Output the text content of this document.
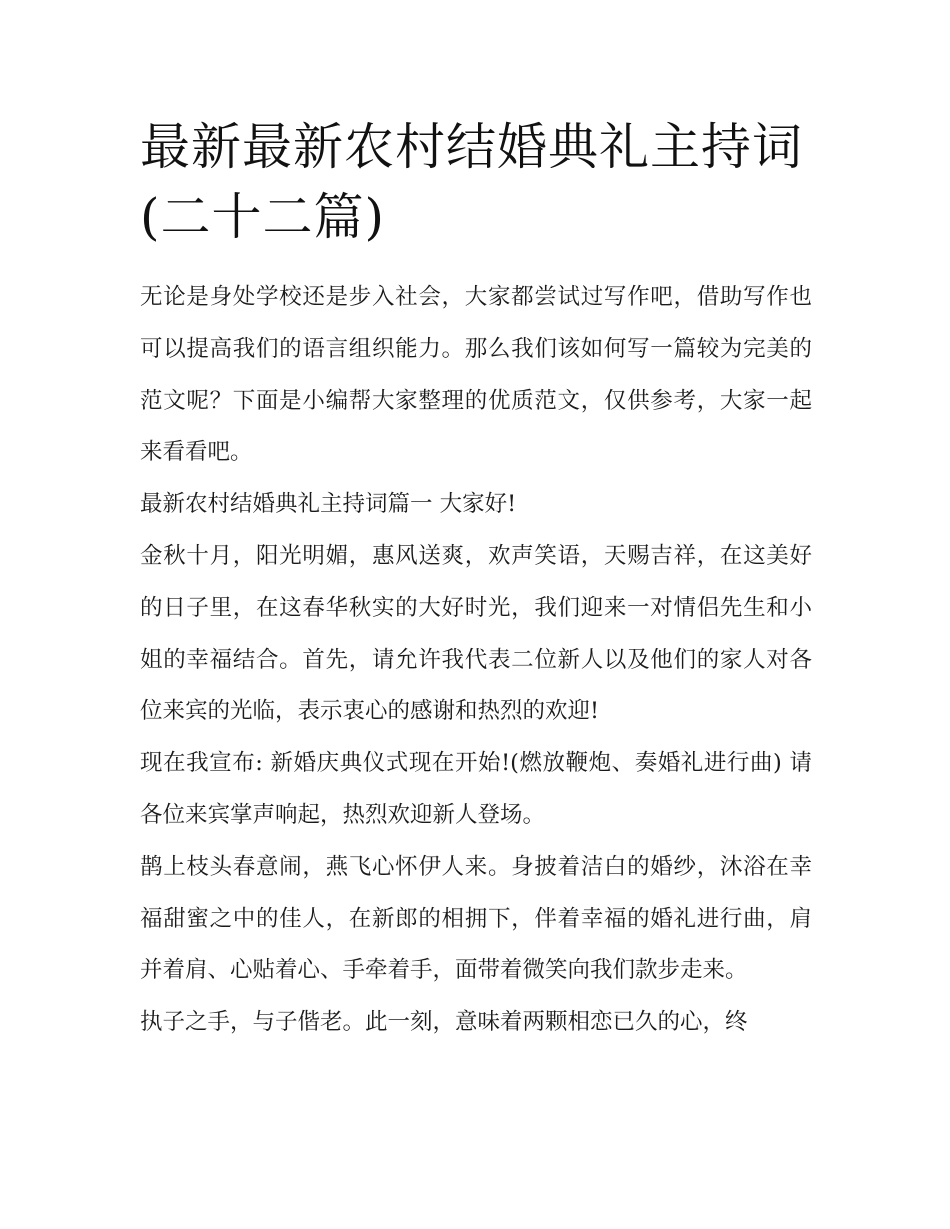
最新最新农村结婚典礼主持词
(二十二篇)

无论是身处学校还是步入社会，大家都尝试过写作吧，借助写作也可以提高我们的语言组织能力。那么我们该如何写一篇较为完美的范文呢？下面是小编帮大家整理的优质范文，仅供参考，大家一起来看看吧。

最新农村结婚典礼主持词篇一 大家好!

金秋十月，阳光明媚，惠风送爽，欢声笑语，天赐吉祥，在这美好的日子里，在这春华秋实的大好时光，我们迎来一对情侣先生和小姐的幸福结合。首先，请允许我代表二位新人以及他们的家人对各位来宾的光临，表示衷心的感谢和热烈的欢迎!

现在我宣布: 新婚庆典仪式现在开始!(燃放鞭炮、奏婚礼进行曲) 请各位来宾掌声响起，热烈欢迎新人登场。

鹊上枝头春意闹，燕飞心怀伊人来。身披着洁白的婚纱，沐浴在幸福甜蜜之中的佳人，在新郎的相拥下，伴着幸福的婚礼进行曲，肩并着肩、心贴着心、手牵着手，面带着微笑向我们款步走来。

执子之手，与子偕老。此一刻，意味着两颗相恋已久的心，终
